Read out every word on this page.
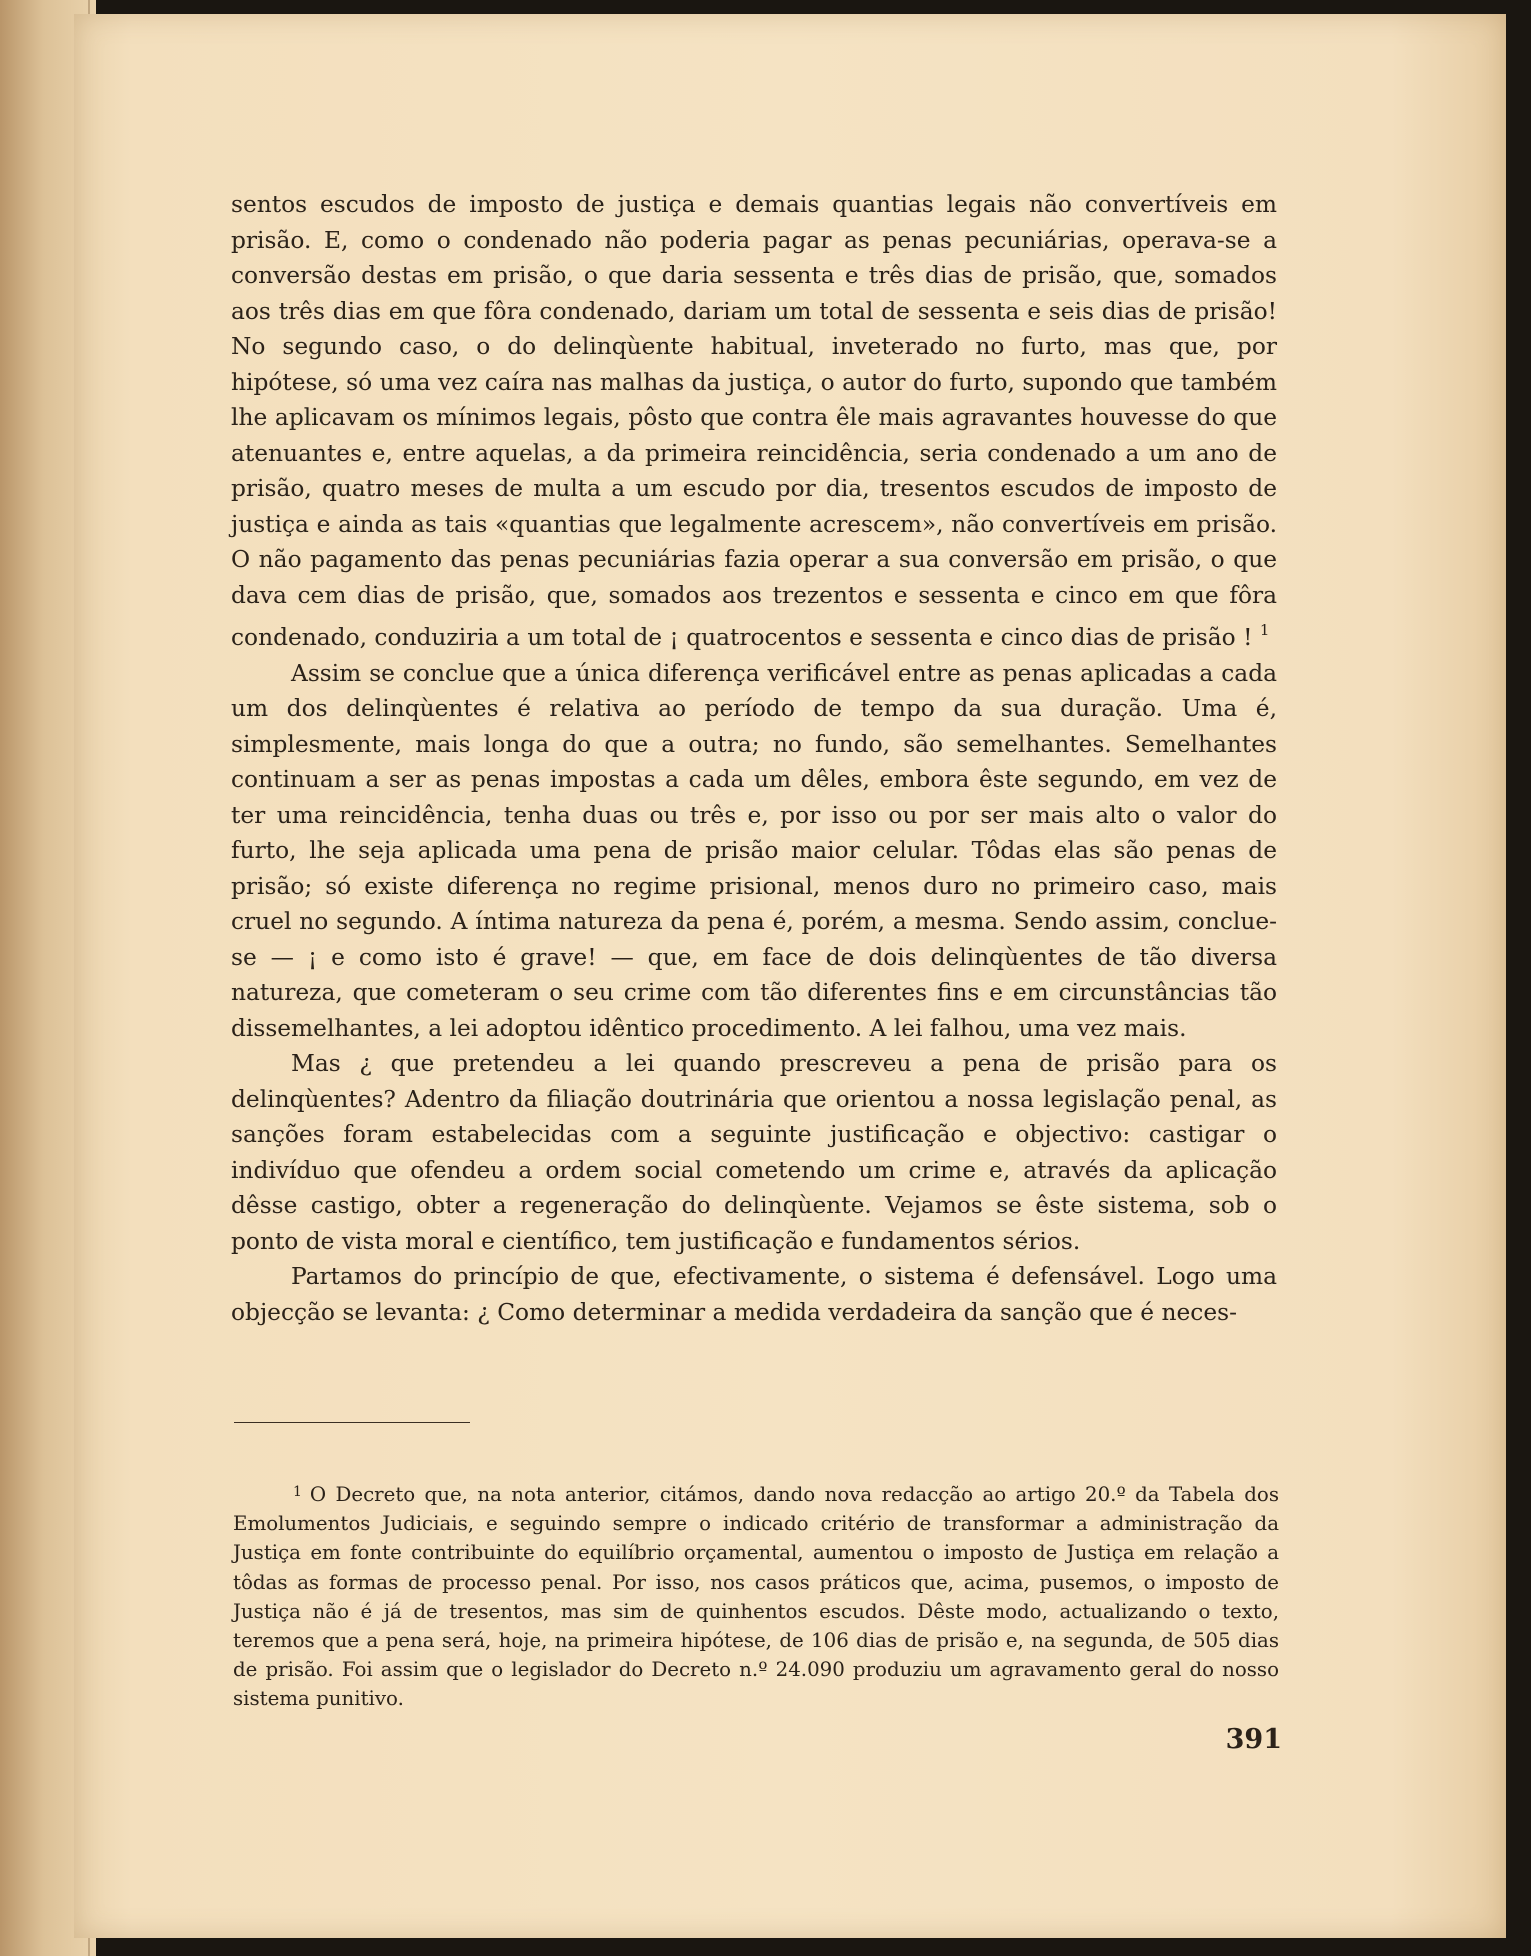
sentos escudos de imposto de justiça e demais quantias legais não convertíveis em prisão. E, como o condenado não poderia pagar as penas pecuniárias, operava-se a conversão destas em prisão, o que daria sessenta e três dias de prisão, que, somados aos três dias em que fôra condenado, dariam um total de sessenta e seis dias de prisão! No segundo caso, o do delinqùente habitual, inveterado no furto, mas que, por hipótese, só uma vez caíra nas malhas da justiça, o autor do furto, supondo que também lhe aplicavam os mínimos legais, pôsto que contra êle mais agravantes houvesse do que atenuantes e, entre aquelas, a da primeira reincidência, seria condenado a um ano de prisão, quatro meses de multa a um escudo por dia, tresentos escudos de imposto de justiça e ainda as tais «quantias que legalmente acrescem», não convertíveis em prisão. O não pagamento das penas pecuniárias fazia operar a sua conversão em prisão, o que dava cem dias de prisão, que, somados aos trezentos e sessenta e cinco em que fôra condenado, conduziria a um total de ¡ quatrocentos e sessenta e cinco dias de prisão ! $^1$

Assim se conclue que a única diferença verificável entre as penas aplicadas a cada um dos delinqùentes é relativa ao período de tempo da sua duração. Uma é, simplesmente, mais longa do que a outra; no fundo, são semelhantes. Semelhantes continuam a ser as penas impostas a cada um dêles, embora êste segundo, em vez de ter uma reincidência, tenha duas ou três e, por isso ou por ser mais alto o valor do furto, lhe seja aplicada uma pena de prisão maior celular. Tôdas elas são penas de prisão; só existe diferença no regime prisional, menos duro no primeiro caso, mais cruel no segundo. A íntima natureza da pena é, porém, a mesma. Sendo assim, conclue-se — ¡ e como isto é grave! — que, em face de dois delinqùentes de tão diversa natureza, que cometeram o seu crime com tão diferentes fins e em circunstâncias tão dissemelhantes, a lei adoptou idêntico procedimento. A lei falhou, uma vez mais.

Mas ¿ que pretendeu a lei quando prescreveu a pena de prisão para os delinqùentes? Adentro da filiação doutrinária que orientou a nossa legislação penal, as sanções foram estabelecidas com a seguinte justificação e objectivo: castigar o indivíduo que ofendeu a ordem social cometendo um crime e, através da aplicação dêsse castigo, obter a regeneração do delinqùente. Vejamos se êste sistema, sob o ponto de vista moral e científico, tem justificação e fundamentos sérios.

Partamos do princípio de que, efectivamente, o sistema é defensável. Logo uma objecção se levanta: ¿ Como determinar a medida verdadeira da sanção que é neces-

$^1$ O Decreto que, na nota anterior, citámos, dando nova redacção ao artigo 20.º da Tabela dos Emolumentos Judiciais, e seguindo sempre o indicado critério de transformar a administração da Justiça em fonte contribuinte do equilíbrio orçamental, aumentou o imposto de Justiça em relação a tôdas as formas de processo penal. Por isso, nos casos práticos que, acima, pusemos, o imposto de Justiça não é já de tresentos, mas sim de quinhentos escudos. Dêste modo, actualizando o texto, teremos que a pena será, hoje, na primeira hipótese, de 106 dias de prisão e, na segunda, de 505 dias de prisão. Foi assim que o legislador do Decreto n.º 24.090 produziu um agravamento geral do nosso sistema punitivo.
391
